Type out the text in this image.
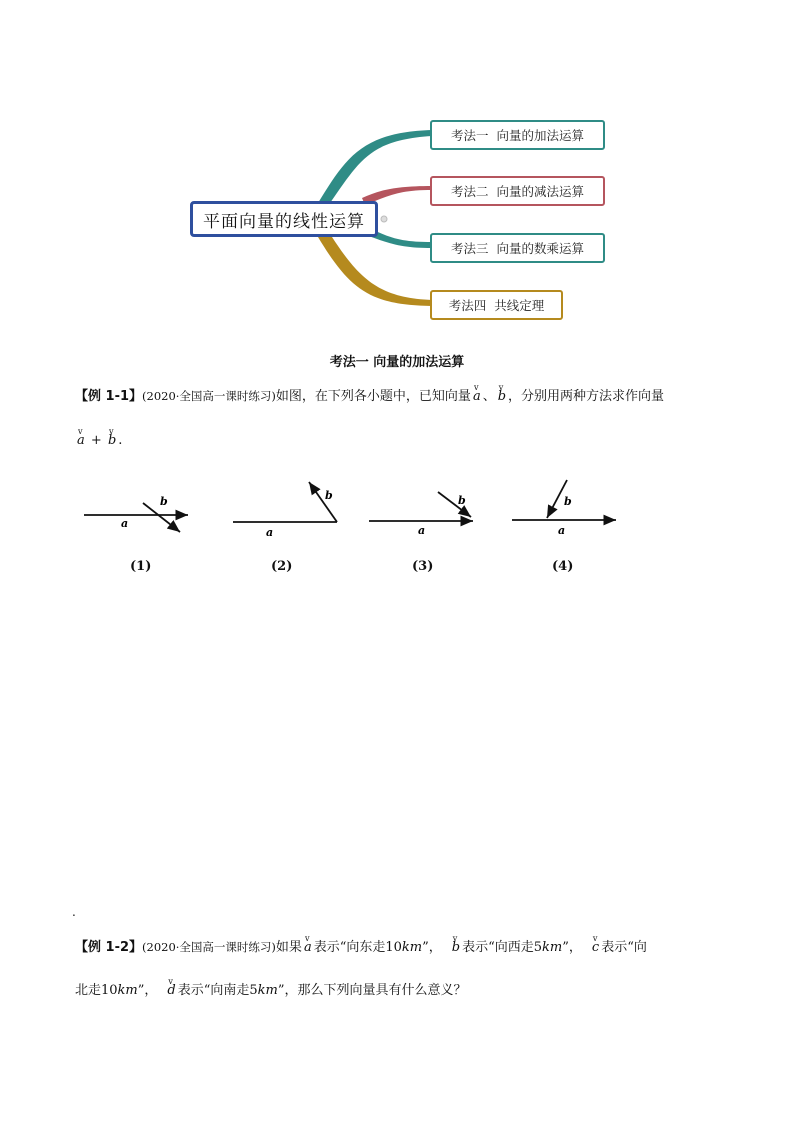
平面向量的线性运算
考法一  向量的加法运算
考法二  向量的减法运算
考法三  向量的数乘运算
考法四  共线定理
考法一 向量的加法运算
【例 1-1】(2020·全国高一课时练习)如图，在下列各小题中，已知向量 v a 、 v b ，分别用两种方法求作向量
v a + v b .
a
b
a
b
a
b
a
b
(1)	(2)	(3)	(4)
.
【例 1-2】(2020·全国高一课时练习)如果 v a 表示“向东走10km”， v b 表示“向西走5km”， v c 表示“向
北走10km”， v d 表示“向南走5km”，那么下列向量具有什么意义？
